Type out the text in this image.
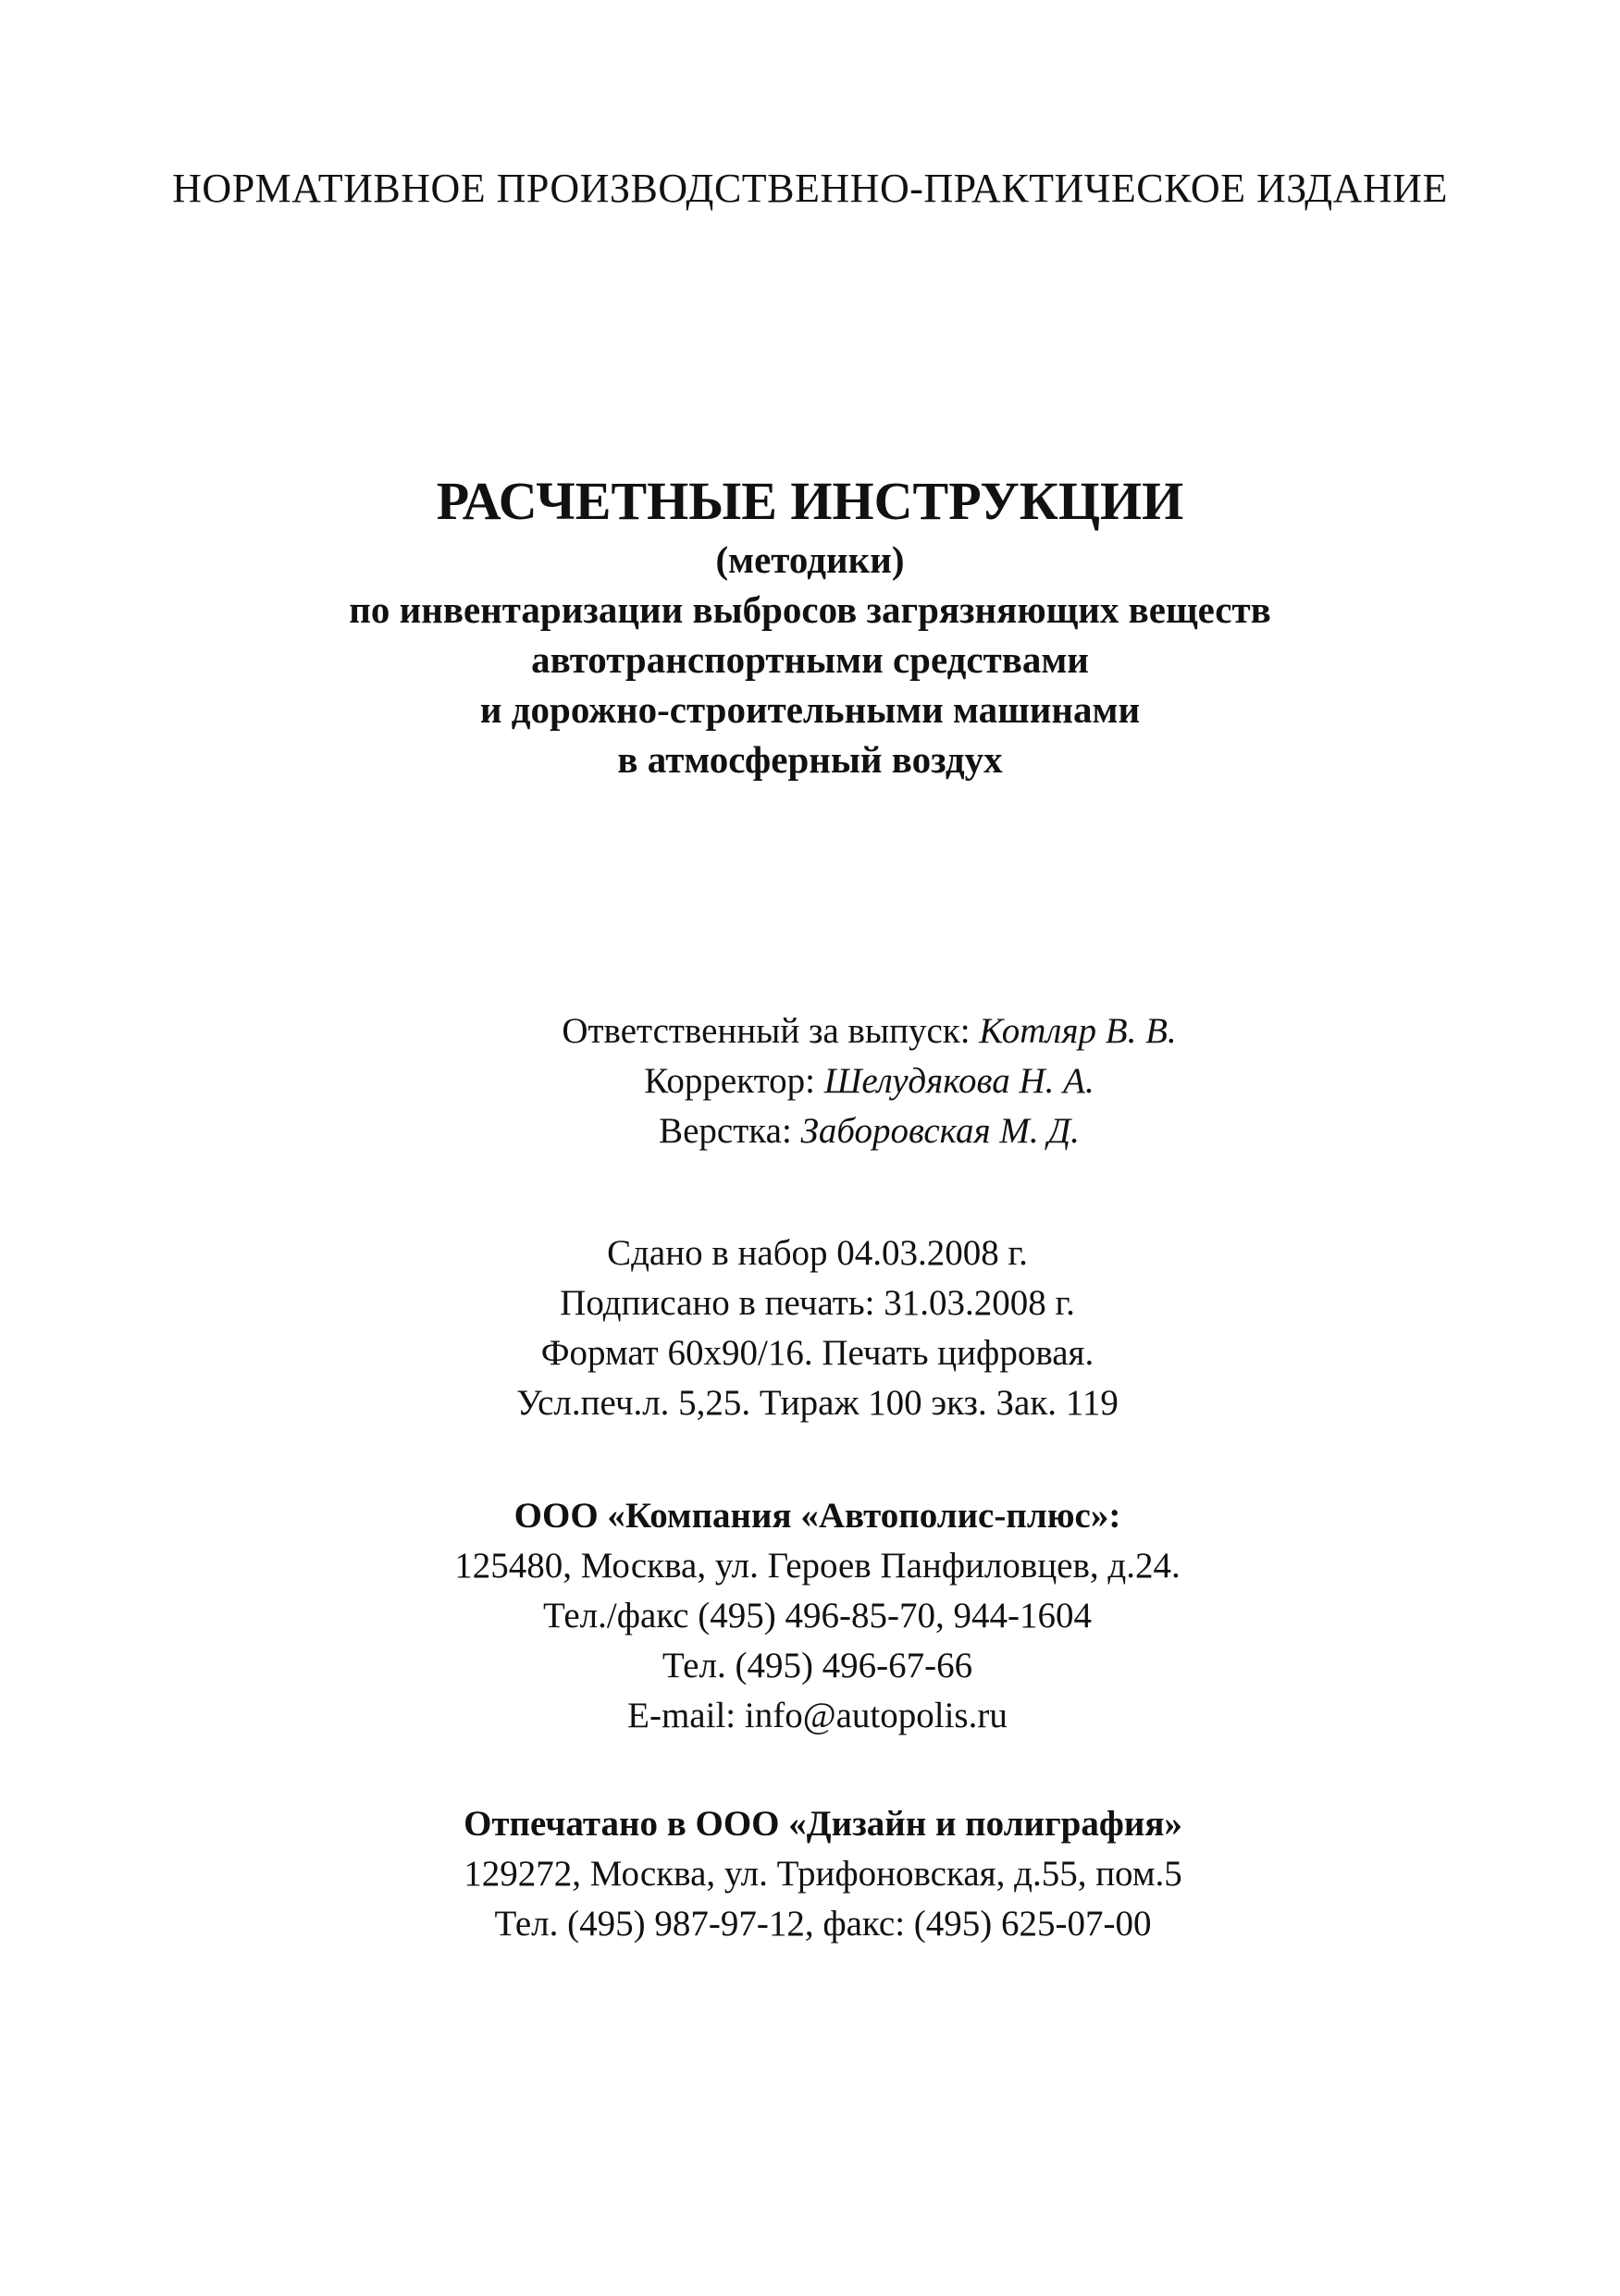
НОРМАТИВНОЕ ПРОИЗВОДСТВЕННО-ПРАКТИЧЕСКОЕ ИЗДАНИЕ
РАСЧЕТНЫЕ ИНСТРУКЦИИ
(методики)
по инвентаризации выбросов загрязняющих веществ
автотранспортными средствами
и дорожно-строительными машинами
в атмосферный воздух
Ответственный за выпуск: Котляр В. В.
Корректор: Шелудякова Н. А.
Верстка: Заборовская М. Д.
Сдано в набор 04.03.2008 г.
Подписано в печать: 31.03.2008 г.
Формат 60x90/16. Печать цифровая.
Усл.печ.л. 5,25. Тираж 100 экз. Зак. 119
ООО «Компания «Автополис-плюс»:
125480, Москва, ул. Героев Панфиловцев, д.24.
Тел./факс (495) 496-85-70, 944-1604
Тел. (495) 496-67-66
E-mail: info@autopolis.ru
Отпечатано в ООО «Дизайн и полиграфия»
129272, Москва, ул. Трифоновская, д.55, пом.5
Тел. (495) 987-97-12, факс: (495) 625-07-00
